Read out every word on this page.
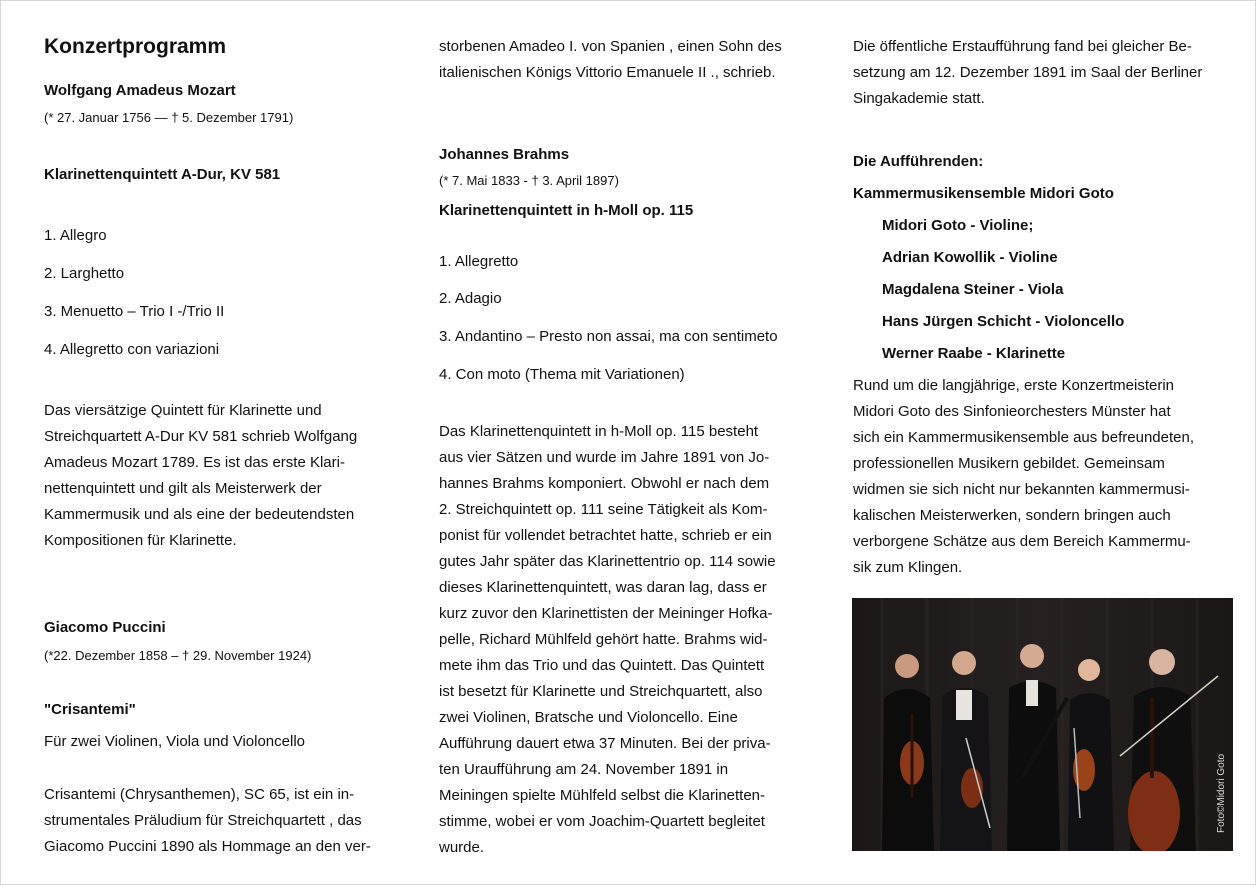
Konzertprogramm

Wolfgang Amadeus Mozart

(* 27. Januar 1756 — † 5. Dezember 1791)

Klarinettenquintett A-Dur, KV 581

1. Allegro

2. Larghetto

3. Menuetto – Trio I -/Trio II

4. Allegretto con variazioni

Das viersätzige Quintett für Klarinette und
Streichquartett A-Dur KV 581 schrieb Wolfgang
Amadeus Mozart 1789. Es ist das erste Klari-
nettenquintett und gilt als Meisterwerk der
Kammermusik und als eine der bedeutendsten
Kompositionen für Klarinette.

Giacomo Puccini

(*22. Dezember 1858 – † 29. November 1924)

"Crisantemi"

Für zwei Violinen, Viola und Violoncello

Crisantemi (Chrysanthemen), SC 65, ist ein in-
strumentales Präludium für Streichquartett , das
Giacomo Puccini 1890 als Hommage an den ver-
storbenen Amadeo I. von Spanien , einen Sohn des
italienischen Königs Vittorio Emanuele II ., schrieb.

Johannes Brahms

(* 7. Mai 1833 - † 3. April 1897)

Klarinettenquintett in h-Moll op. 115

1. Allegretto

2. Adagio

3. Andantino – Presto non assai, ma con sentimeto

4. Con moto (Thema mit Variationen)

Das Klarinettenquintett in h-Moll op. 115 besteht
aus vier Sätzen und wurde im Jahre 1891 von Jo-
hannes Brahms komponiert. Obwohl er nach dem
2. Streichquintett op. 111 seine Tätigkeit als Kom-
ponist für vollendet betrachtet hatte, schrieb er ein
gutes Jahr später das Klarinettentrio op. 114 sowie
dieses Klarinettenquintett, was daran lag, dass er
kurz zuvor den Klarinettisten der Meininger Hofka-
pelle, Richard Mühlfeld gehört hatte. Brahms wid-
mete ihm das Trio und das Quintett. Das Quintett
ist besetzt für Klarinette und Streichquartett, also
zwei Violinen, Bratsche und Violoncello. Eine
Aufführung dauert etwa 37 Minuten. Bei der priva-
ten Uraufführung am 24. November 1891 in
Meiningen spielte Mühlfeld selbst die Klarinetten-
stimme, wobei er vom Joachim-Quartett begleitet
wurde.
Die öffentliche Erstaufführung fand bei gleicher Be-
setzung am 12. Dezember 1891 im Saal der Berliner
Singakademie statt.

Die Aufführenden:

Kammermusikensemble Midori Goto

Midori Goto - Violine;

Adrian Kowollik - Violine

Magdalena Steiner - Viola

Hans Jürgen Schicht - Violoncello

Werner Raabe - Klarinette

Rund um die langjährige, erste Konzertmeisterin
Midori Goto des Sinfonieorchesters Münster hat
sich ein Kammermusikensemble aus befreundeten,
professionellen Musikern gebildet. Gemeinsam
widmen sie sich nicht nur bekannten kammermusi-
kalischen Meisterwerken, sondern bringen auch
verborgene Schätze aus dem Bereich Kammermu-
sik zum Klingen.
Foto©Midori Goto
